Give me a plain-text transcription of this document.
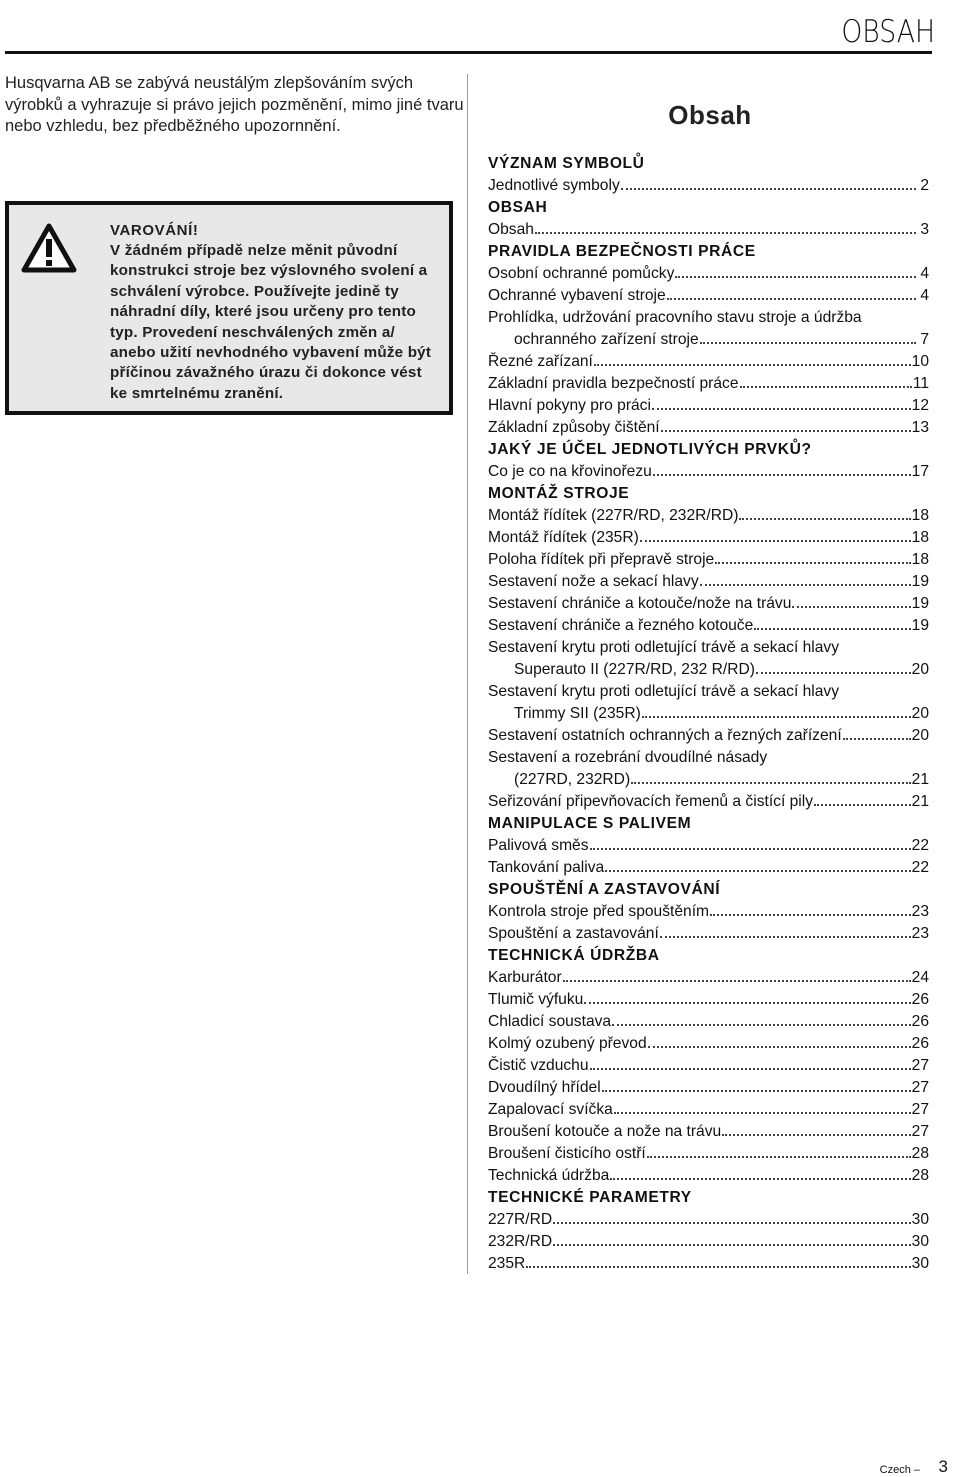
OBSAH

Husqvarna AB se zabývá neustálým zlepšováním svých výrobků a vyhrazuje si právo jejich pozměnění, mimo jiné tvaru nebo vzhledu, bez předběžného upozornnění.

VAROVÁNÍ!
V žádném případě nelze měnit původní konstrukci stroje bez výslovného svolení a schválení výrobce. Používejte jedině ty náhradní díly, které jsou určeny pro tento typ. Provedení neschválených změn a/ anebo užití nevhodného vybavení může být příčinou závažného úrazu či dokonce vést ke smrtelnému zranění.
Obsah
VÝZNAM SYMBOLŮ
Jednotlivé symboly	2
OBSAH
Obsah	3
PRAVIDLA BEZPEČNOSTI PRÁCE
Osobní ochranné pomůcky	4
Ochranné vybavení stroje	4
Prohlídka, udržování pracovního stavu stroje a údržba
ochranného zařízení stroje	7
Řezné zařízaní	10
Základní pravidla bezpečností práce	11
Hlavní pokyny pro práci	12
Základní způsoby čištění	13
JAKÝ JE ÚČEL JEDNOTLIVÝCH PRVKŮ?
Co je co na křovinořezu	17
MONTÁŽ STROJE
Montáž řídítek (227R/RD, 232R/RD)	18
Montáž řídítek (235R)	18
Poloha řídítek při přepravě stroje	18
Sestavení nože a sekací hlavy	19
Sestavení chrániče a kotouče/nože na trávu	19
Sestavení chrániče a řezného kotouče	19
Sestavení krytu proti odletující trávě a sekací hlavy
Superauto II (227R/RD, 232 R/RD)	20
Sestavení krytu proti odletující trávě a sekací hlavy
Trimmy SII (235R)	20
Sestavení ostatních ochranných a řezných zařízení	20
Sestavení a rozebrání dvoudílné násady
(227RD, 232RD)	21
Seřizování připevňovacích řemenů a čistící pily	21
MANIPULACE S PALIVEM
Palivová směs	22
Tankování paliva	22
SPOUŠTĚNÍ A ZASTAVOVÁNÍ
Kontrola stroje před spouštěním	23
Spouštění a zastavování	23
TECHNICKÁ ÚDRŽBA
Karburátor	24
Tlumič výfuku	26
Chladicí soustava	26
Kolmý ozubený převod	26
Čistič vzduchu	27
Dvoudílný hřídel	27
Zapalovací svíčka	27
Broušení kotouče a nože na trávu	27
Broušení čisticího ostří	28
Technická údržba	28
TECHNICKÉ PARAMETRY
227R/RD	30
232R/RD	30
235R	30
Czech – 3
